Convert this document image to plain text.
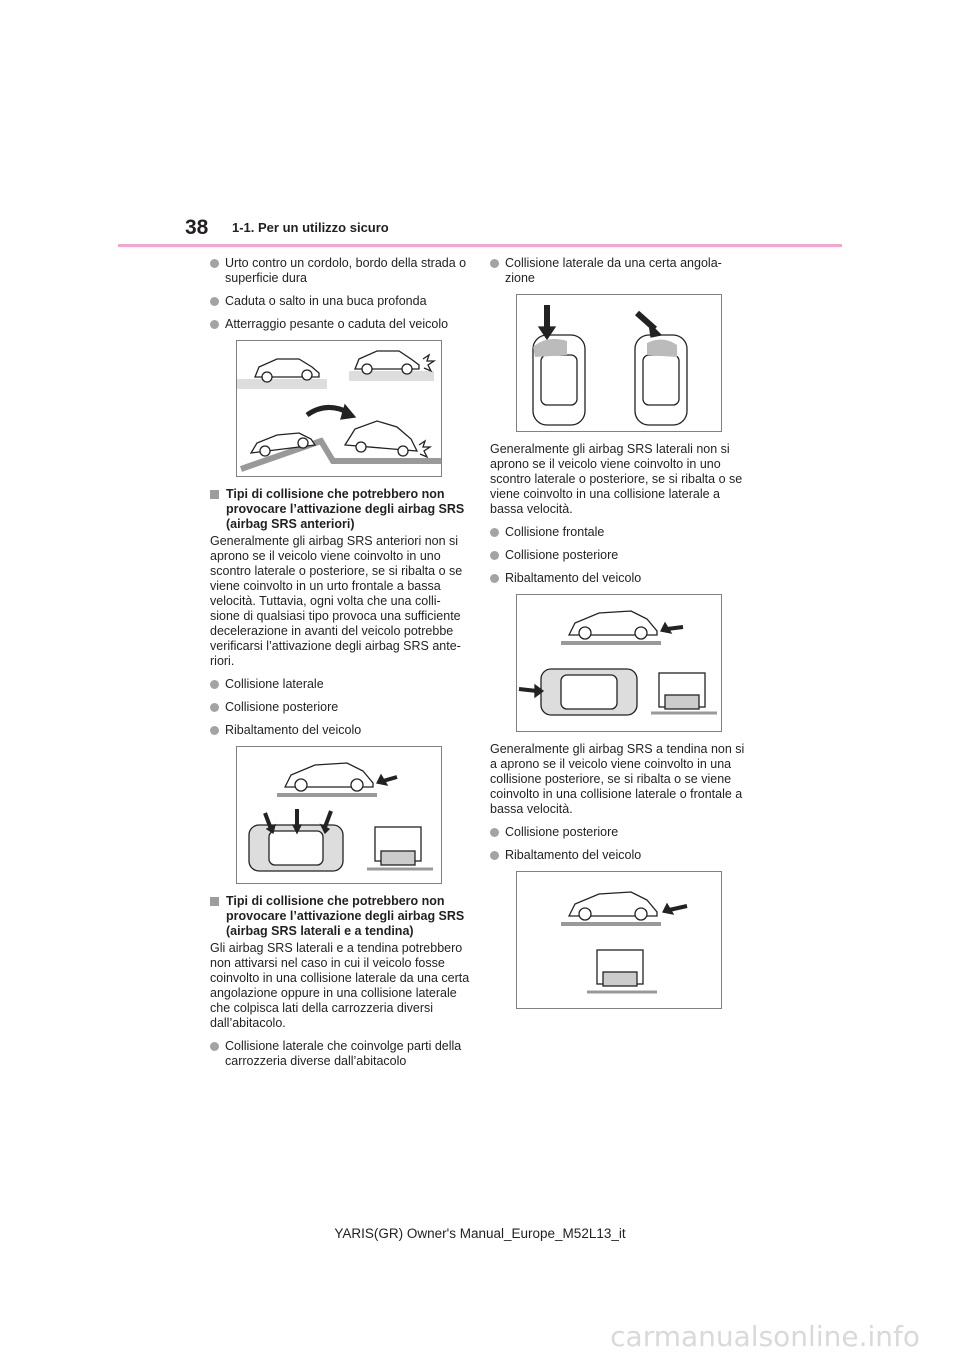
38 1-1. Per un utilizzo sicuro
Urto contro un cordolo, bordo della strada o superficie dura
Caduta o salto in una buca profonda
Atterraggio pesante o caduta del veicolo
Tipi di collisione che potrebbero non provocare l’attivazione degli airbag SRS (airbag SRS anteriori)
Generalmente gli airbag SRS anteriori non si aprono se il veicolo viene coinvolto in uno scontro laterale o posteriore, se si ribalta o se viene coinvolto in un urto frontale a bassa velocità. Tuttavia, ogni volta che una colli-sione di qualsiasi tipo provoca una sufficiente decelerazione in avanti del veicolo potrebbe verificarsi l’attivazione degli airbag SRS ante-riori.
Collisione laterale
Collisione posteriore
Ribaltamento del veicolo
Tipi di collisione che potrebbero non provocare l’attivazione degli airbag SRS (airbag SRS laterali e a tendina)
Gli airbag SRS laterali e a tendina potrebbero non attivarsi nel caso in cui il veicolo fosse coinvolto in una collisione laterale da una certa angolazione oppure in una collisione laterale che colpisca lati della carrozzeria diversi dall’abitacolo.
Collisione laterale che coinvolge parti della carrozzeria diverse dall’abitacolo
Collisione laterale da una certa angola-zione
Generalmente gli airbag SRS laterali non si aprono se il veicolo viene coinvolto in uno scontro laterale o posteriore, se si ribalta o se viene coinvolto in una collisione laterale a bassa velocità.
Collisione frontale
Collisione posteriore
Ribaltamento del veicolo
Generalmente gli airbag SRS a tendina non si a aprono se il veicolo viene coinvolto in una collisione posteriore, se si ribalta o se viene coinvolto in una collisione laterale o frontale a bassa velocità.
Collisione posteriore
Ribaltamento del veicolo
YARIS(GR) Owner's Manual_Europe_M52L13_it
carmanualsonline.info
